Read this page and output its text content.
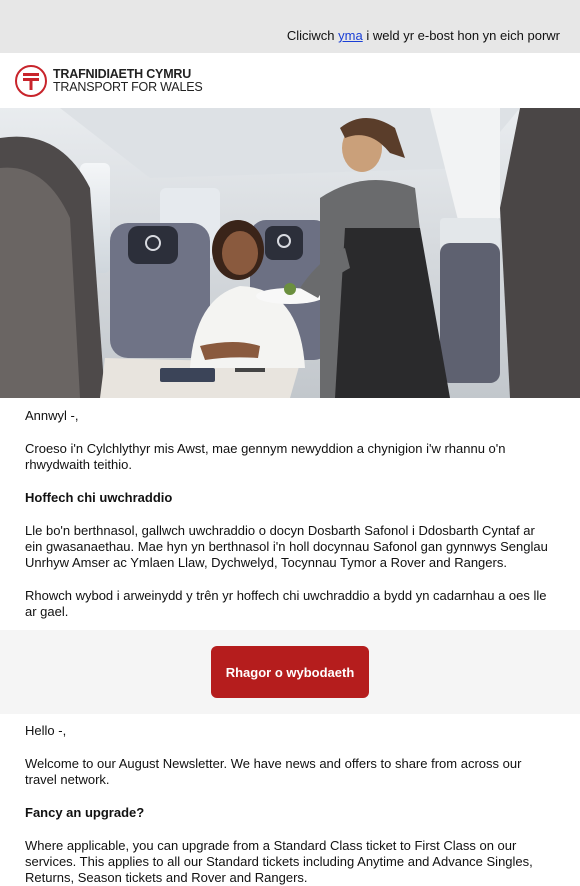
Cliciwch
yma
i weld yr e-bost hon yn eich porwr
TRAFNIDIAETH CYMRU
TRANSPORT FOR WALES

Annwyl -,

Croeso i'n Cylchlythyr mis Awst, mae gennym newyddion a chynigion i'w rhannu o'n rhwydwaith teithio.

Hoffech chi uwchraddio

Lle bo'n berthnasol, gallwch uwchraddio o docyn Dosbarth Safonol i Ddosbarth Cyntaf ar ein gwasanaethau. Mae hyn yn berthnasol i'n holl docynnau Safonol gan gynnwys Senglau Unrhyw Amser ac Ymlaen Llaw, Dychwelyd, Tocynnau Tymor a Rover and Rangers.

Rhowch wybod i arweinydd y trên yr hoffech chi uwchraddio a bydd yn cadarnhau a oes lle ar gael.

Rhagor o wybodaeth

Hello -,

Welcome to our August Newsletter. We have news and offers to share from across our travel network.

Fancy an upgrade?

Where applicable, you can upgrade from a Standard Class ticket to First Class on our services. This applies to all our Standard tickets including Anytime and Advance Singles, Returns, Season tickets and Rover and Rangers.
